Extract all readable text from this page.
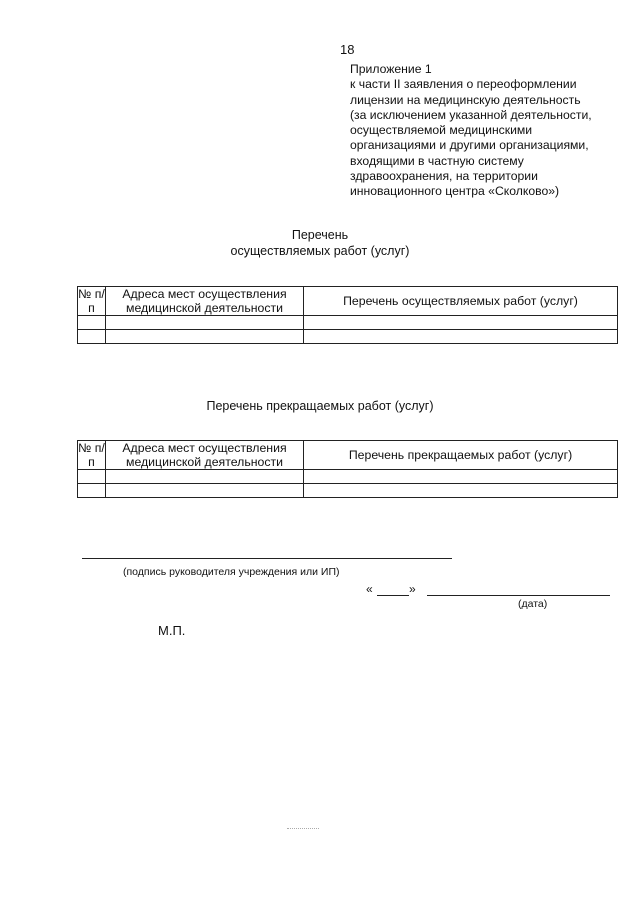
18
Приложение 1
к части II заявления о переоформлении
лицензии на медицинскую деятельность
(за исключением указанной деятельности,
осуществляемой медицинскими
организациями и другими организациями,
входящими в частную систему
здравоохранения, на территории
инновационного центра «Сколково»)
Перечень
осуществляемых работ (услуг)
№ п/п	Адреса мест осуществления медицинской деятельности	Перечень осуществляемых работ (услуг)

Перечень прекращаемых работ (услуг)
№ п/п	Адреса мест осуществления медицинской деятельности	Перечень прекращаемых работ (услуг)

(подпись руководителя учреждения или ИП)
«	»
(дата)
М.П.
